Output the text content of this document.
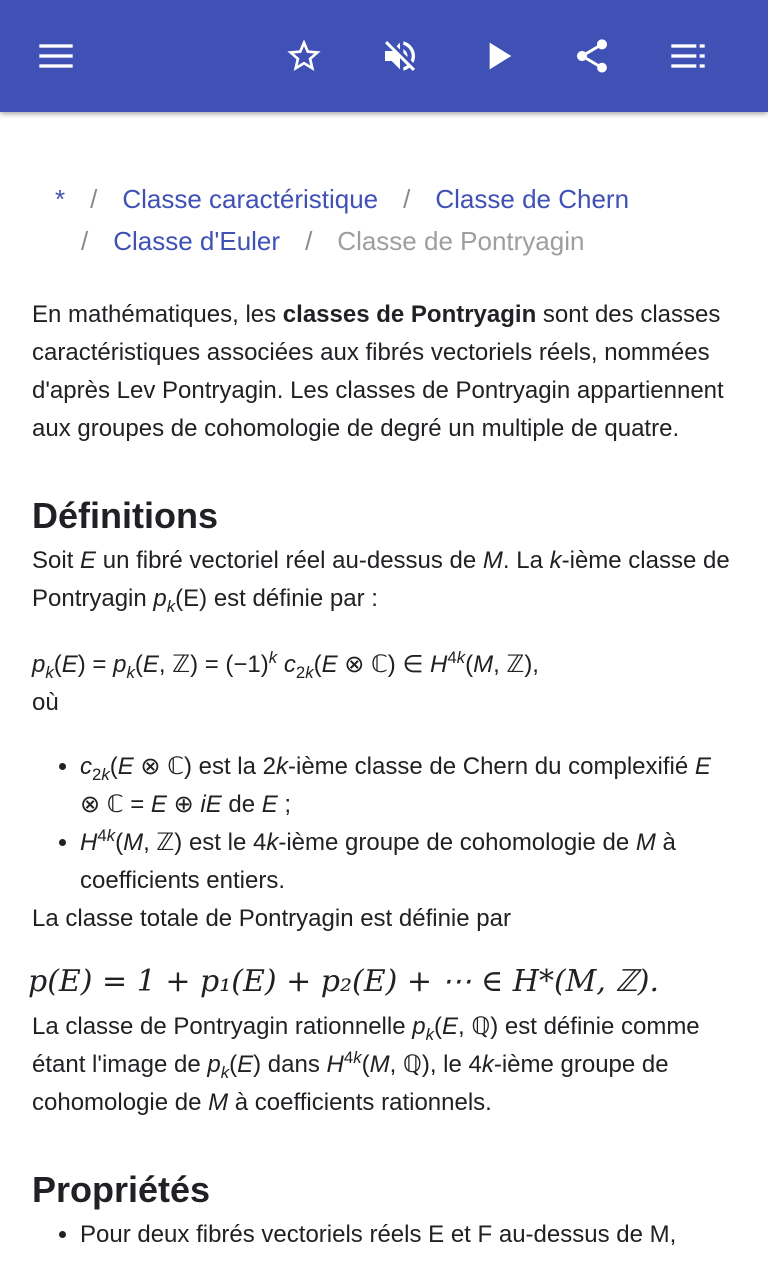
* / Classe caractéristique / Classe de Chern
/ Classe d'Euler / Classe de Pontryagin

En mathématiques, les classes de Pontryagin sont des classes caractéristiques associées aux fibrés vectoriels réels, nommées d'après Lev Pontryagin. Les classes de Pontryagin appartiennent aux groupes de cohomologie de degré un multiple de quatre.

Définitions

Soit E un fibré vectoriel réel au-dessus de M. La k-ième classe de Pontryagin $p_k(E)$ est définie par :

$p_k(E) = p_k(E$, ℤ) = $(-1)^k$ $c_{2k}(E$ ⊗ ℂ) ∈ $H^{4k}(M$, ℤ),

où

• $c_{2k}(E$ ⊗ ℂ) est la 2k-ième classe de Chern du complexifié E ⊗ ℂ = E ⊕ iE de E ;
• $H^{4k}(M$, ℤ) est le 4k-ième groupe de cohomologie de M à coefficients entiers.

La classe totale de Pontryagin est définie par

p(E) = 1 + p₁(E) + p₂(E) + ⋯ ∈ H*(M, ℤ).

La classe de Pontryagin rationnelle $p_k(E$, ℚ) est définie comme étant l'image de $p_k(E)$ dans $H^{4k}(M$, ℚ), le 4k-ième groupe de cohomologie de M à coefficients rationnels.

Propriétés
• Pour deux fibrés vectoriels réels E et F au-dessus de M,
